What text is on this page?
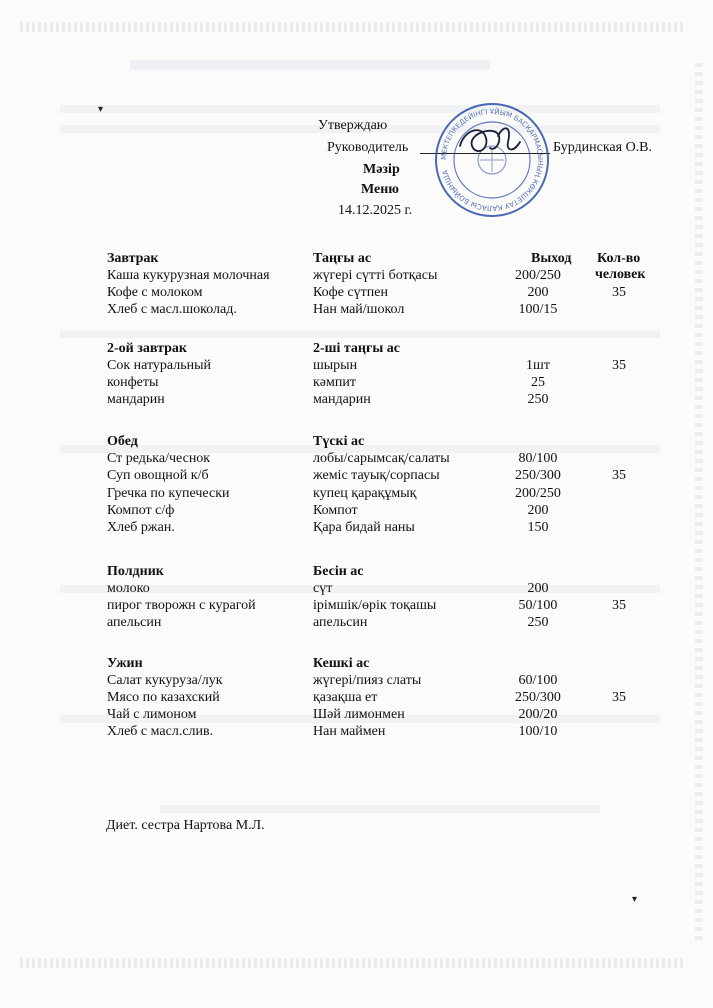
Утверждаю
Руководитель	Бурдинская О.В.
Мәзір
Меню
14.12.2025 г.
МЕКТЕПКЕДЕЙІНГІ ҰЙЫМ БАСҚАРМАСЫНЫҢ КӨКШЕТАУ ҚАЛАСЫ БОЙЫНША
Выход Кол-во
человек
Завтрак	Таңғы ас
Каша кукурузная молочная	жүгері сүтті ботқасы	200/250
Кофе с молоком	Кофе сүтпен	200	35
Хлеб с масл.шоколад.	Нан май/шокол	100/15
2-ой завтрак	2-ші таңғы ас
Сок натуральный	шырын	1шт	35
конфеты	кәмпит	25
мандарин	мандарин	250
Обед	Түскі ас
Ст редька/чеснок	лобы/сарымсақ/салаты	80/100
Суп овощной к/б	жеміс тауық/сорпасы	250/300	35
Гречка по купечески	купец қарақұмық	200/250
Компот с/ф	Компот	200
Хлеб ржан.	Қара бидай наны	150
Полдник	Бесін ас
молоко	сүт	200
пирог творожн с курагой	ірімшік/өрік тоқашы	50/100	35
апельсин	апельсин	250
Ужин	Кешкі ас
Салат кукуруза/лук	жүгері/пияз слаты	60/100
Мясо по казахский	қазақша ет	250/300	35
Чай с лимоном	Шәй лимонмен	200/20
Хлеб с масл.слив.	Нан маймен	100/10
▾
▾
Диет. сестра Нартова М.Л.
